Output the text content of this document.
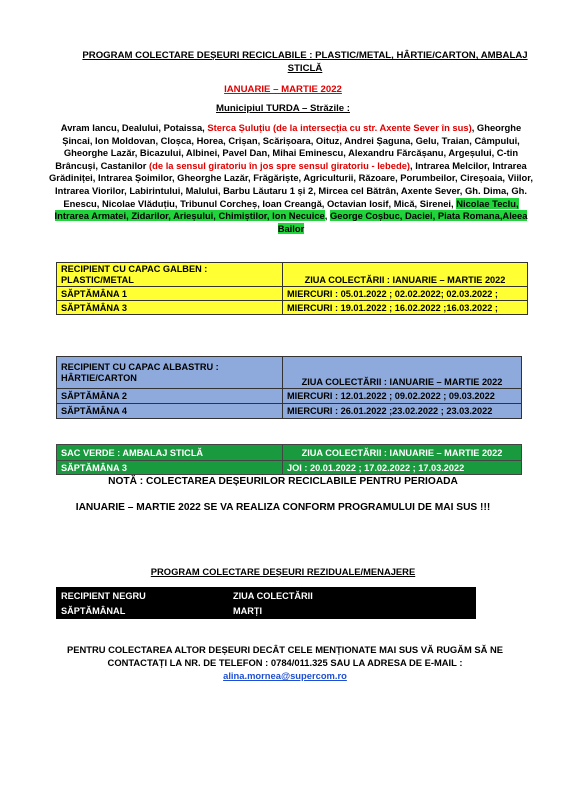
PROGRAM COLECTARE DEȘEURI RECICLABILE : PLASTIC/METAL, HÂRTIE/CARTON, AMBALAJ STICLĂ
IANUARIE – MARTIE 2022
Municipiul TURDA – Străzile :
Avram Iancu, Dealului, Potaissa, Sterca Șuluțiu (de la intersecția cu str. Axente Sever în sus), Gheorghe Șincai, Ion Moldovan, Cloșca, Horea, Crișan, Scărișoara, Oituz, Andrei Șaguna, Gelu, Traian, Câmpului, Gheorghe Lazăr, Bicazului, Albinei, Pavel Dan, Mihai Eminescu, Alexandru Fărcășanu, Argeșului, C-tin Brâncuși, Castanilor (de la sensul giratoriu în jos spre sensul giratoriu - lebede), Intrarea Melcilor, Intrarea Grădiniței, Intrarea Șoimilor, Gheorghe Lazăr, Frăgăriște, Agriculturii, Răzoare, Porumbeilor, Cireșoaia, Viilor, Intrarea Viorilor, Labirintului, Malului, Barbu Lăutaru 1 și 2, Mircea cel Bătrân, Axente Sever, Gh. Dima, Gh. Enescu, Nicolae Vlăduțiu, Tribunul Corcheș, Ioan Creangă, Octavian Iosif, Mică, Sirenei, Nicolae Teclu, Intrarea Armatei, Zidarilor, Arieșului, Chimiștilor, Ion Necuice, George Coșbuc, Daciei, Piata Romana,Aleea Bailor
RECIPIENT CU CAPAC GALBEN :
PLASTIC/METAL	ZIUA COLECTĂRII : IANUARIE – MARTIE 2022
SĂPTĂMÂNA 1	MIERCURI : 05.01.2022 ; 02.02.2022; 02.03.2022 ;
SĂPTĂMÂNA 3	MIERCURI : 19.01.2022 ; 16.02.2022 ;16.03.2022 ;
RECIPIENT CU CAPAC ALBASTRU :
HÂRTIE/CARTON	ZIUA COLECTĂRII : IANUARIE – MARTIE 2022
SĂPTĂMÂNA 2	MIERCURI : 12.01.2022 ; 09.02.2022 ; 09.03.2022
SĂPTĂMÂNA 4	MIERCURI : 26.01.2022 ;23.02.2022 ; 23.03.2022
SAC VERDE : AMBALAJ STICLĂ	ZIUA COLECTĂRII : IANUARIE – MARTIE 2022
SĂPTĂMÂNA 3	JOI : 20.01.2022 ; 17.02.2022 ; 17.03.2022
NOTĂ : COLECTAREA DEȘEURILOR RECICLABILE PENTRU PERIOADA
IANUARIE – MARTIE 2022 SE VA REALIZA CONFORM PROGRAMULUI DE MAI SUS !!!
PROGRAM COLECTARE DEȘEURI REZIDUALE/MENAJERE
RECIPIENT NEGRU	ZIUA COLECTĂRII
SĂPTĂMÂNAL	MARȚI
PENTRU COLECTAREA ALTOR DEȘEURI DECÂT CELE MENȚIONATE MAI SUS VĂ RUGĂM SĂ NE CONTACTAȚI LA NR. DE TELEFON : 0784/011.325 SAU LA ADRESA DE E-MAIL :
alina.mornea@supercom.ro
